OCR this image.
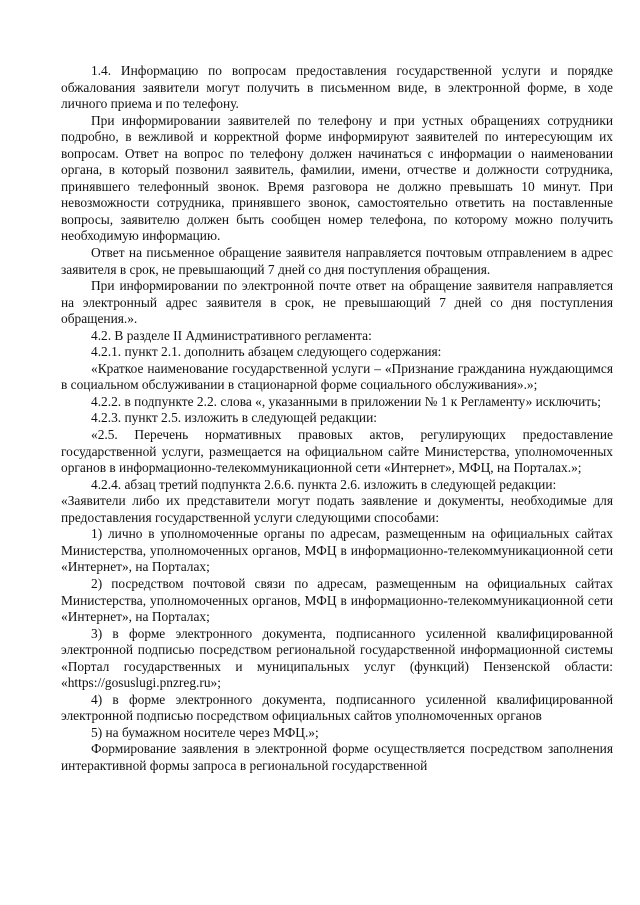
1.4. Информацию по вопросам предоставления государственной услуги и порядке обжалования заявители могут получить в письменном виде, в электронной форме, в ходе личного приема и по телефону.

При информировании заявителей по телефону и при устных обращениях сотрудники подробно, в вежливой и корректной форме информируют заявителей по интересующим их вопросам. Ответ на вопрос по телефону должен начинаться с информации о наименовании органа, в который позвонил заявитель, фамилии, имени, отчестве и должности сотрудника, принявшего телефонный звонок. Время разговора не должно превышать 10 минут. При невозможности сотрудника, принявшего звонок, самостоятельно ответить на поставленные вопросы, заявителю должен быть сообщен номер телефона, по которому можно получить необходимую информацию.

Ответ на письменное обращение заявителя направляется почтовым отправлением в адрес заявителя в срок, не превышающий 7 дней со дня поступления обращения.

При информировании по электронной почте ответ на обращение заявителя направляется на электронный адрес заявителя в срок, не превышающий 7 дней со дня поступления обращения.».

4.2. В разделе II Административного регламента:

4.2.1. пункт 2.1. дополнить абзацем следующего содержания:

«Краткое наименование государственной услуги – «Признание гражданина нуждающимся в социальном обслуживании в стационарной форме социального обслуживания».»;

4.2.2. в подпункте 2.2. слова «, указанными в приложении № 1 к Регламенту» исключить;

4.2.3. пункт 2.5. изложить в следующей редакции:

«2.5. Перечень нормативных правовых актов, регулирующих предоставление государственной услуги, размещается на официальном сайте Министерства, уполномоченных органов в информационно-телекоммуникационной сети «Интернет», МФЦ, на Порталах.»;

4.2.4. абзац третий подпункта 2.6.6. пункта 2.6. изложить в следующей редакции:

«Заявители либо их представители могут подать заявление и документы, необходимые для предоставления государственной услуги следующими способами:

1) лично в уполномоченные органы по адресам, размещенным на официальных сайтах Министерства, уполномоченных органов, МФЦ в информационно-телекоммуникационной сети «Интернет», на Порталах;

2) посредством почтовой связи по адресам, размещенным на официальных сайтах Министерства, уполномоченных органов, МФЦ в информационно-телекоммуникационной сети «Интернет», на Порталах;

3) в форме электронного документа, подписанного усиленной квалифицированной электронной подписью посредством региональной государственной информационной системы «Портал государственных и муниципальных услуг (функций) Пензенской области: «https://gosuslugi.pnzreg.ru»;

4) в форме электронного документа, подписанного усиленной квалифицированной электронной подписью посредством официальных сайтов уполномоченных органов

5) на бумажном носителе через МФЦ.»;

Формирование заявления в электронной форме осуществляется посредством заполнения интерактивной формы запроса в региональной государственной
